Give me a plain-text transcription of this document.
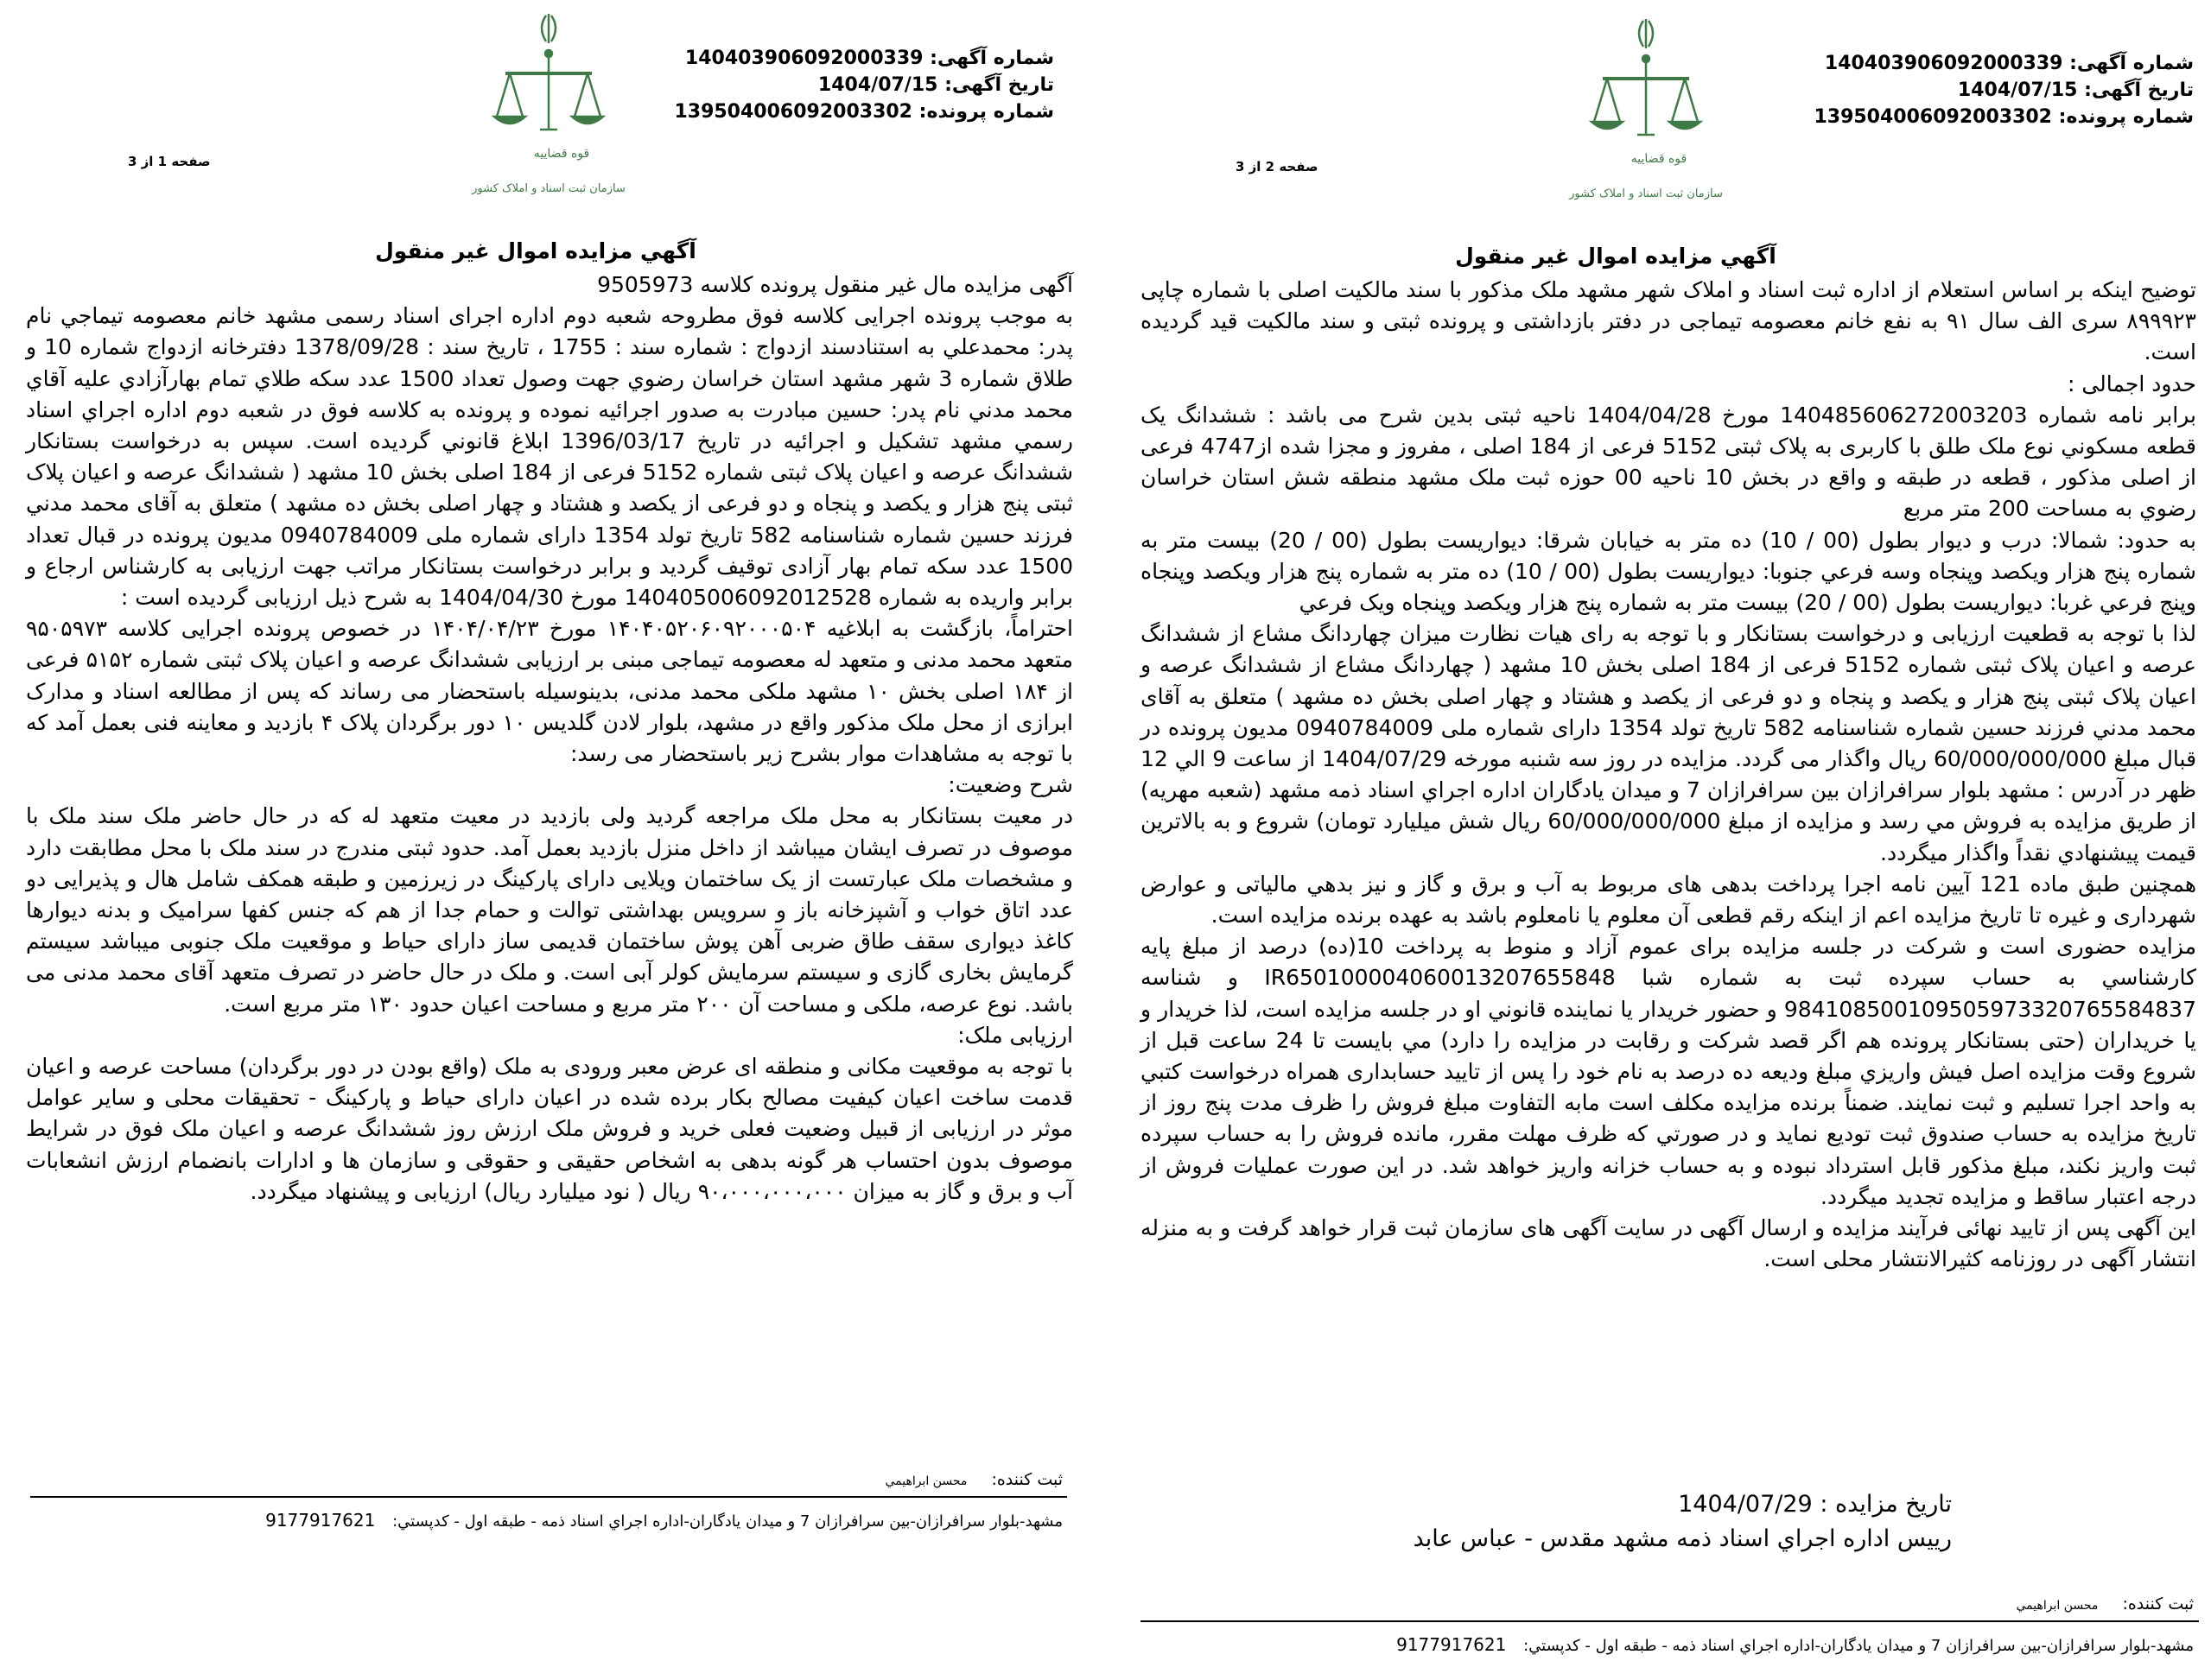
شماره آگهی: 140403906092000339
تاریخ آگهی: 1404/07/15
شماره پرونده: 139504006092003302
قوه قضاییه
سازمان ثبت اسناد و املاک کشور
صفحه 1 از 3
آگهي مزايده اموال غير منقول

آگهی مزایده مال غیر منقول پرونده کلاسه 9505973

به موجب پرونده اجرایی کلاسه فوق مطروحه شعبه دوم اداره اجرای اسناد رسمی مشهد خانم معصومه تیماجي نام پدر: محمدعلي به استنادسند ازدواج : شماره سند : 1755 ، تاریخ سند : 1378/09/28 دفترخانه ازدواج شماره 10 و طلاق شماره 3 شهر مشهد استان خراسان رضوي جهت وصول تعداد 1500 عدد سکه طلاي تمام بهارآزادي علیه آقاي محمد مدني نام پدر: حسین مبادرت به صدور اجرائیه نموده و پرونده به کلاسه فوق در شعبه دوم اداره اجراي اسناد رسمي مشهد تشکیل و اجرائیه در تاریخ 1396/03/17 ابلاغ قانوني گردیده است. سپس به درخواست بستانکار ششدانگ عرصه و اعیان پلاک ثبتی شماره 5152 فرعی از 184 اصلی بخش 10 مشهد ( ششدانگ عرصه و اعیان پلاک ثبتی پنج هزار و یکصد و پنجاه و دو فرعی از یکصد و هشتاد و چهار اصلی بخش ده مشهد ) متعلق به آقای محمد مدني فرزند حسین شماره شناسنامه 582 تاریخ تولد 1354 دارای شماره ملی 0940784009 مدیون پرونده در قبال تعداد 1500 عدد سکه تمام بهار آزادی توقیف گردید و برابر درخواست بستانکار مراتب جهت ارزیابی به کارشناس ارجاع و برابر واریده به شماره 140405006092012528 مورخ 1404/04/30 به شرح ذیل ارزیابی گردیده است :

احتراماً، بازگشت به ابلاغیه ۱۴۰۴۰۵۲۰۶۰۹۲۰۰۰۵۰۴ مورخ ۱۴۰۴/۰۴/۲۳ در خصوص پرونده اجرایی کلاسه ۹۵۰۵۹۷۳ متعهد محمد مدنی و متعهد له معصومه تیماجی مبنی بر ارزیابی ششدانگ عرصه و اعیان پلاک ثبتی شماره ۵۱۵۲ فرعی از ۱۸۴ اصلی بخش ۱۰ مشهد ملکی محمد مدنی، بدینوسیله باستحضار می رساند که پس از مطالعه اسناد و مدارک ابرازی از محل ملک مذکور واقع در مشهد، بلوار لادن گلدیس ۱۰ دور برگردان پلاک ۴ بازدید و معاینه فنی بعمل آمد که با توجه به مشاهدات موار بشرح زیر باستحضار می رسد:

شرح وضعیت:

در معیت بستانکار به محل ملک مراجعه گردید ولی بازدید در معیت متعهد له که در حال حاضر ملک سند ملک با موصوف در تصرف ایشان میباشد از داخل منزل بازدید بعمل آمد. حدود ثبتی مندرج در سند ملک با محل مطابقت دارد و مشخصات ملک عبارتست از یک ساختمان ویلایی دارای پارکینگ در زیرزمین و طبقه همکف شامل هال و پذیرایی دو عدد اتاق خواب و آشپزخانه باز و سرویس بهداشتی توالت و حمام جدا از هم که جنس کفها سرامیک و بدنه دیوارها کاغذ دیواری سقف طاق ضربی آهن پوش ساختمان قدیمی ساز دارای حیاط و موقعیت ملک جنوبی میباشد سیستم گرمایش بخاری گازی و سیستم سرمایش کولر آبی است. و ملک در حال حاضر در تصرف متعهد آقای محمد مدنی می باشد. نوع عرصه، ملکی و مساحت آن ۲۰۰ متر مربع و مساحت اعیان حدود ۱۳۰ متر مربع است.

ارزیابی ملک:

با توجه به موقعیت مکانی و منطقه ای عرض معبر ورودی به ملک (واقع بودن در دور برگردان) مساحت عرصه و اعیان قدمت ساخت اعیان کیفیت مصالح بکار برده شده در اعیان دارای حیاط و پارکینگ - تحقیقات محلی و سایر عوامل موثر در ارزیابی از قبیل وضعیت فعلی خرید و فروش ملک ارزش روز ششدانگ عرصه و اعیان ملک فوق در شرایط موصوف بدون احتساب هر گونه بدهی به اشخاص حقیقی و حقوقی و سازمان ها و ادارات بانضمام ارزش انشعابات آب و برق و گاز به میزان ۹۰،۰۰۰،۰۰۰،۰۰۰ ریال ( نود میلیارد ریال) ارزیابی و پیشنهاد میگردد.

ثبت کننده: محسن ابراهيمي
مشهد-بلوار سرافرازان-بین سرافرازان 7 و میدان یادگاران-اداره اجراي اسناد ذمه - طبقه اول - کدپستي: 9177917621
شماره آگهی: 140403906092000339
تاریخ آگهی: 1404/07/15
شماره پرونده: 139504006092003302
قوه قضاییه
سازمان ثبت اسناد و املاک کشور
صفحه 2 از 3
آگهي مزايده اموال غير منقول

توضیح اینکه بر اساس استعلام از اداره ثبت اسناد و املاک شهر مشهد ملک مذکور با سند مالکیت اصلی با شماره چاپی ۸۹۹۹۲۳ سری الف سال ۹۱ به نفع خانم معصومه تیماجی در دفتر بازداشتی و پرونده ثبتی و سند مالکیت قید گردیده است.

حدود اجمالی :

برابر نامه شماره 140485606272003203 مورخ 1404/04/28 ناحیه ثبتی بدین شرح می باشد : ششدانگ یک قطعه مسکوني نوع ملک طلق با کاربری به پلاک ثبتی 5152 فرعی از 184 اصلی ، مفروز و مجزا شده از4747 فرعی از اصلی مذکور ، قطعه در طبقه و واقع در بخش 10 ناحیه 00 حوزه ثبت ملک مشهد منطقه شش استان خراسان رضوي به مساحت 200 متر مربع

به حدود: شمالا: درب و دیوار بطول (00 / 10) ده متر به خیابان شرقا: دیواریست بطول (00 / 20) بیست متر به شماره پنج هزار ویکصد وپنجاه وسه فرعي جنوبا: دیواریست بطول (00 / 10) ده متر به شماره پنج هزار ویکصد وپنجاه وپنج فرعي غربا: دیواریست بطول (00 / 20) بیست متر به شماره پنج هزار ویکصد وپنجاه ویک فرعي

لذا با توجه به قطعیت ارزیابی و درخواست بستانکار و با توجه به رای هیات نظارت میزان چهاردانگ مشاع از ششدانگ عرصه و اعیان پلاک ثبتی شماره 5152 فرعی از 184 اصلی بخش 10 مشهد ( چهاردانگ مشاع از ششدانگ عرصه و اعیان پلاک ثبتی پنج هزار و یکصد و پنجاه و دو فرعی از یکصد و هشتاد و چهار اصلی بخش ده مشهد ) متعلق به آقای محمد مدني فرزند حسین شماره شناسنامه 582 تاریخ تولد 1354 دارای شماره ملی 0940784009 مدیون پرونده در قبال مبلغ 60/000/000/000 ریال واگذار می گردد. مزایده در روز سه شنبه مورخه 1404/07/29 از ساعت 9 الي 12 ظهر در آدرس : مشهد بلوار سرافرازان بین سرافرازان 7 و میدان یادگاران اداره اجراي اسناد ذمه مشهد (شعبه مهریه) از طریق مزایده به فروش مي رسد و مزایده از مبلغ 60/000/000/000 ریال شش میلیارد تومان) شروع و به بالاترین قیمت پیشنهادي نقداً واگذار میگردد.

همچنین طبق ماده 121 آیین نامه اجرا پرداخت بدهی های مربوط به آب و برق و گاز و نیز بدهي مالیاتی و عوارض شهرداری و غیره تا تاریخ مزایده اعم از اینکه رقم قطعی آن معلوم یا نامعلوم باشد به عهده برنده مزایده است.

مزایده حضوری است و شرکت در جلسه مزایده برای عموم آزاد و منوط به پرداخت 10(ده) درصد از مبلغ پایه کارشناسي به حساب سپرده ثبت به شماره شبا IR650100004060013207655848 و شناسه 984108500109505973320765584837 و حضور خریدار یا نماینده قانوني او در جلسه مزایده است، لذا خریدار و یا خریداران (حتی بستانکار پرونده هم اگر قصد شرکت و رقابت در مزایده را دارد) مي بایست تا 24 ساعت قبل از شروع وقت مزایده اصل فیش واریزي مبلغ ودیعه ده درصد به نام خود را پس از تایید حسابداری همراه درخواست کتبي به واحد اجرا تسلیم و ثبت نمایند. ضمناً برنده مزایده مکلف است مابه التفاوت مبلغ فروش را ظرف مدت پنج روز از تاریخ مزایده به حساب صندوق ثبت تودیع نماید و در صورتي که ظرف مهلت مقرر، مانده فروش را به حساب سپرده ثبت واریز نکند، مبلغ مذکور قابل استرداد نبوده و به حساب خزانه واریز خواهد شد. در این صورت عملیات فروش از درجه اعتبار ساقط و مزایده تجدید میگردد.

این آگهی پس از تایید نهائی فرآیند مزایده و ارسال آگهی در سایت آگهی های سازمان ثبت قرار خواهد گرفت و به منزله انتشار آگهی در روزنامه کثیرالانتشار محلی است.

تاریخ مزایده : 1404/07/29
رییس اداره اجراي اسناد ذمه مشهد مقدس - عباس عابد
ثبت کننده: محسن ابراهيمي
مشهد-بلوار سرافرازان-بین سرافرازان 7 و میدان یادگاران-اداره اجراي اسناد ذمه - طبقه اول - کدپستي: 9177917621
